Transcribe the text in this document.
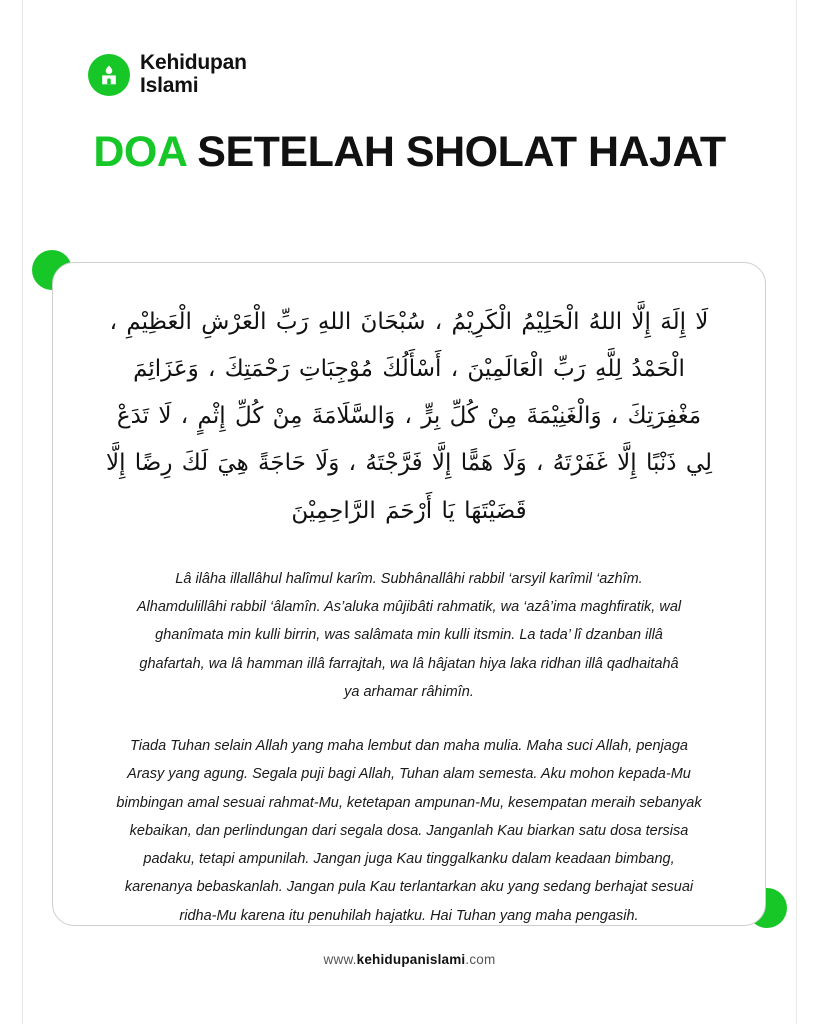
Kehidupan
Islami
DOA SETELAH SHOLAT HAJAT
لَا إِلَهَ إِلَّا اللهُ الْحَلِيْمُ الْكَرِيْمُ ، سُبْحَانَ اللهِ رَبِّ الْعَرْشِ الْعَظِيْمِ ، الْحَمْدُ لِلَّهِ رَبِّ الْعَالَمِيْنَ ، أَسْأَلُكَ مُوْجِبَاتِ رَحْمَتِكَ ، وَعَزَائِمَ مَغْفِرَتِكَ ، وَالْغَنِيْمَةَ مِنْ كُلِّ بِرٍّ ، وَالسَّلَامَةَ مِنْ كُلِّ إِثْمٍ ، لَا تَدَعْ لِي ذَنْبًا إِلَّا غَفَرْتَهُ ، وَلَا هَمًّا إِلَّا فَرَّجْتَهُ ، وَلَا حَاجَةً هِيَ لَكَ رِضًا إِلَّا قَضَيْتَهَا يَا أَرْحَمَ الرَّاحِمِيْنَ
Lâ ilâha illallâhul halîmul karîm. Subhânallâhi rabbil ‘arsyil karîmil ‘azhîm. Alhamdulillâhi rabbil ‘âlamîn. As’aluka mûjibâti rahmatik, wa ‘azâ’ima maghfiratik, wal ghanîmata min kulli birrin, was salâmata min kulli itsmin. La tada’ lî dzanban illâ ghafartah, wa lâ hamman illâ farrajtah, wa lâ hâjatan hiya laka ridhan illâ qadhaitahâ ya arhamar râhimîn.
Tiada Tuhan selain Allah yang maha lembut dan maha mulia. Maha suci Allah, penjaga Arasy yang agung. Segala puji bagi Allah, Tuhan alam semesta. Aku mohon kepada-Mu bimbingan amal sesuai rahmat-Mu, ketetapan ampunan-Mu, kesempatan meraih sebanyak kebaikan, dan perlindungan dari segala dosa. Janganlah Kau biarkan satu dosa tersisa padaku, tetapi ampunilah. Jangan juga Kau tinggalkanku dalam keadaan bimbang, karenanya bebaskanlah. Jangan pula Kau terlantarkan aku yang sedang berhajat sesuai ridha-Mu karena itu penuhilah hajatku. Hai Tuhan yang maha pengasih.
www.kehidupanislami.com
